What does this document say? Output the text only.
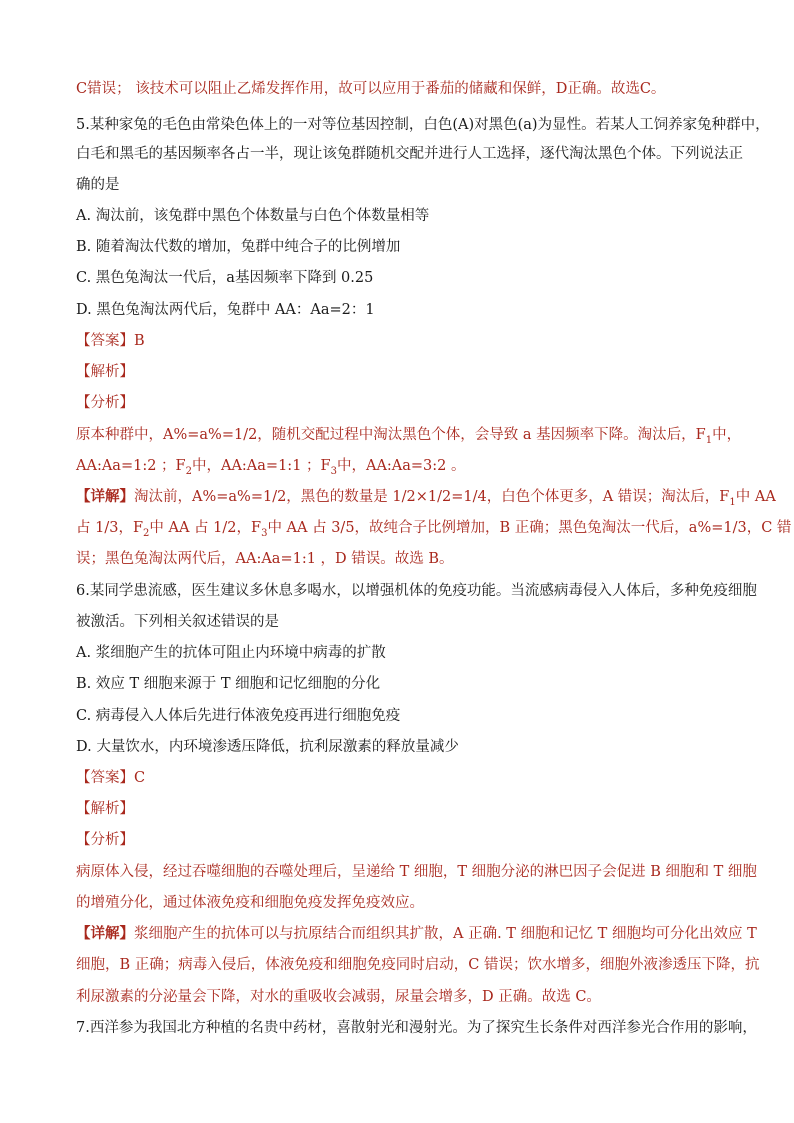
C错误； 该技术可以阻止乙烯发挥作用，故可以应用于番茄的储藏和保鲜，D正确。故选C。
5.某种家兔的毛色由常染色体上的一对等位基因控制，白色(A)对黑色(a)为显性。若某人工饲养家兔种群中，
白毛和黑毛的基因频率各占一半，现让该兔群随机交配并进行人工选择，逐代淘汰黑色个体。下列说法正
确的是
A. 淘汰前，该兔群中黑色个体数量与白色个体数量相等
B. 随着淘汰代数的增加，兔群中纯合子的比例增加
C. 黑色兔淘汰一代后，a基因频率下降到 0.25
D. 黑色兔淘汰两代后，兔群中 AA：Aa=2：1
【答案】B
【解析】
【分析】
原本种群中，A%=a%=1/2，随机交配过程中淘汰黑色个体，会导致 a 基因频率下降。淘汰后，$F_1$中，
AA:Aa=1:2 ；$F_2$中，AA:Aa=1:1 ；$F_3$中，AA:Aa=3:2 。
【详解】淘汰前，A%=a%=1/2，黑色的数量是 1/2×1/2=1/4，白色个体更多，A 错误；淘汰后，$F_1$中 AA
占 1/3，$F_2$中 AA 占 1/2，$F_3$中 AA 占 3/5，故纯合子比例增加，B 正确；黑色兔淘汰一代后，a%=1/3，C 错
误；黑色兔淘汰两代后，AA:Aa=1:1 ，D 错误。故选 B。
6.某同学患流感，医生建议多休息多喝水，以增强机体的免疫功能。当流感病毒侵入人体后，多种免疫细胞
被激活。下列相关叙述错误的是
A. 浆细胞产生的抗体可阻止内环境中病毒的扩散
B. 效应 T 细胞来源于 T 细胞和记忆细胞的分化
C. 病毒侵入人体后先进行体液免疫再进行细胞免疫
D. 大量饮水，内环境渗透压降低，抗利尿激素的释放量减少
【答案】C
【解析】
【分析】
病原体入侵，经过吞噬细胞的吞噬处理后，呈递给 T 细胞，T 细胞分泌的淋巴因子会促进 B 细胞和 T 细胞
的增殖分化，通过体液免疫和细胞免疫发挥免疫效应。
【详解】浆细胞产生的抗体可以与抗原结合而组织其扩散，A 正确. T 细胞和记忆 T 细胞均可分化出效应 T
细胞，B 正确；病毒入侵后，体液免疫和细胞免疫同时启动，C 错误；饮水增多，细胞外液渗透压下降，抗
利尿激素的分泌量会下降，对水的重吸收会减弱，尿量会增多，D 正确。故选 C。
7.西洋参为我国北方种植的名贵中药材，喜散射光和漫射光。为了探究生长条件对西洋参光合作用的影响，
